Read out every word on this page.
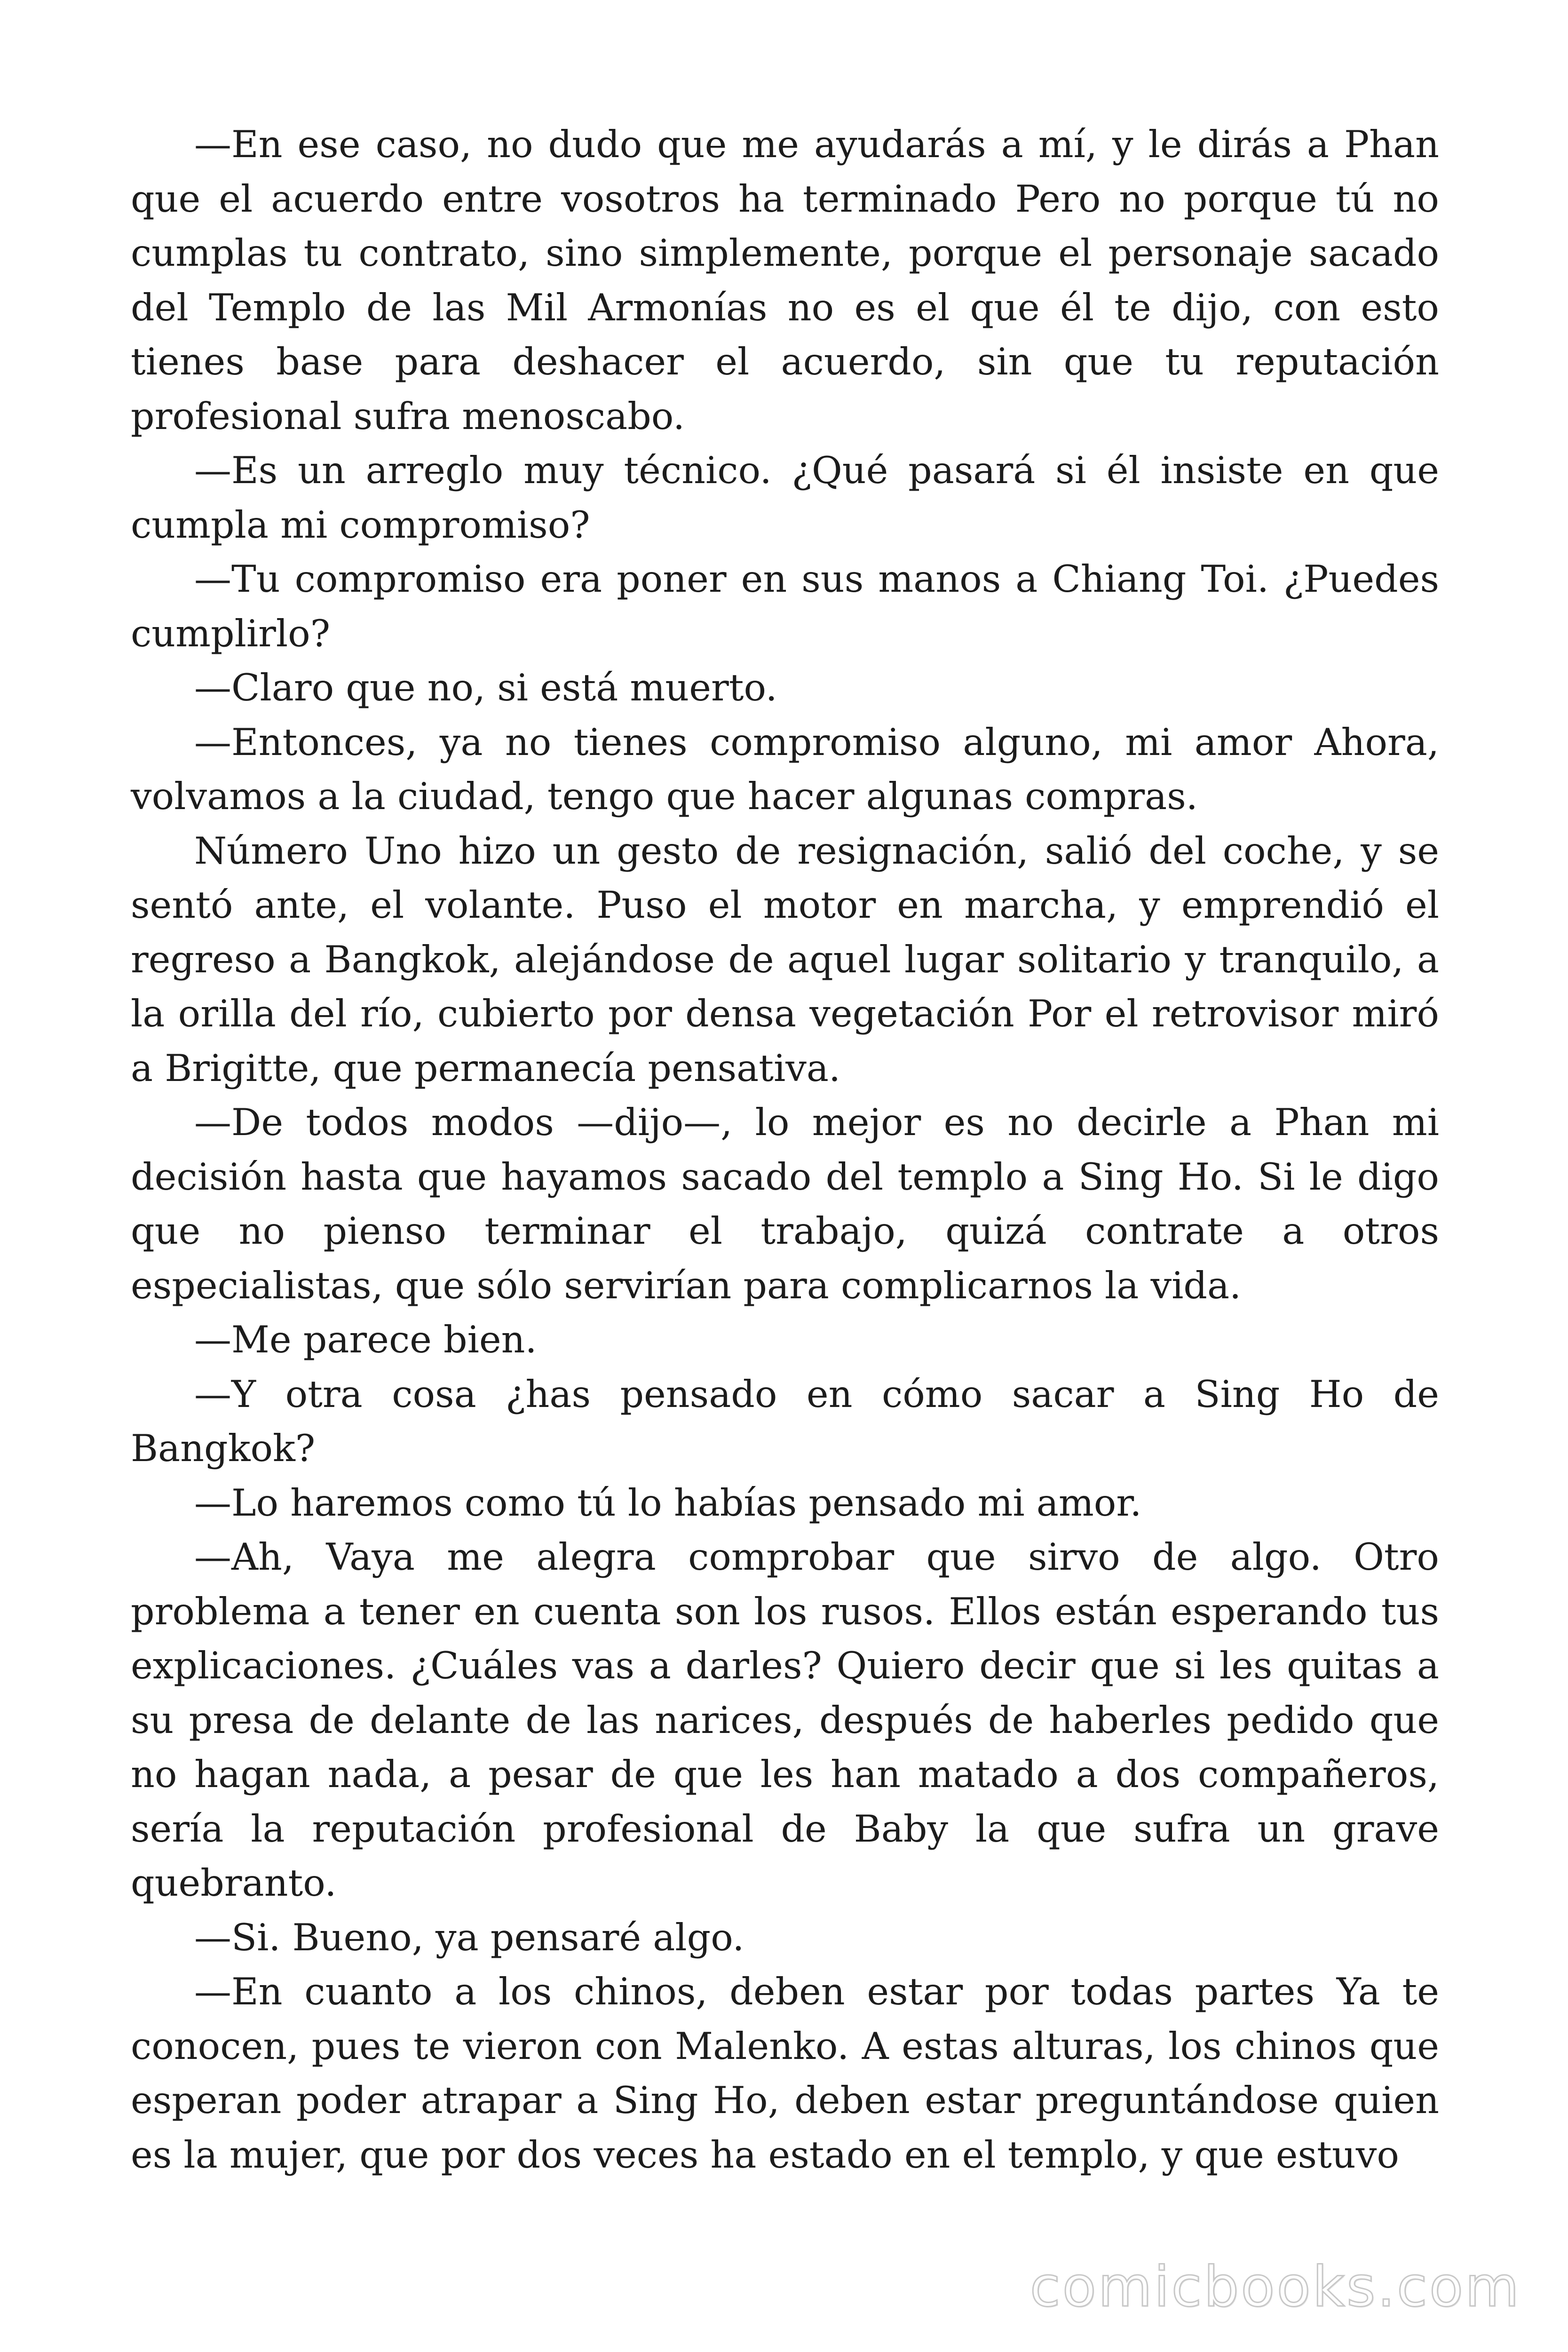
—En ese caso, no dudo que me ayudarás a mí, y le dirás a Phan que el acuerdo entre vosotros ha terminado Pero no porque tú no cumplas tu contrato, sino simplemente, porque el personaje sacado del Templo de las Mil Armonías no es el que él te dijo, con esto tienes base para deshacer el acuerdo, sin que tu reputación profesional sufra menoscabo.

—Es un arreglo muy técnico. ¿Qué pasará si él insiste en que cumpla mi compromiso?

—Tu compromiso era poner en sus manos a Chiang Toi. ¿Puedes cumplirlo?

—Claro que no, si está muerto.

—Entonces, ya no tienes compromiso alguno, mi amor Ahora, volvamos a la ciudad, tengo que hacer algunas compras.

Número Uno hizo un gesto de resignación, salió del coche, y se sentó ante, el volante. Puso el motor en marcha, y emprendió el regreso a Bangkok, alejándose de aquel lugar solitario y tranquilo, a la orilla del río, cubierto por densa vegetación Por el retrovisor miró a Brigitte, que permanecía pensativa.

—De todos modos —dijo—, lo mejor es no decirle a Phan mi decisión hasta que hayamos sacado del templo a Sing Ho. Si le digo que no pienso terminar el trabajo, quizá contrate a otros especialistas, que sólo servirían para complicarnos la vida.

—Me parece bien.

—Y otra cosa ¿has pensado en cómo sacar a Sing Ho de Bangkok?

—Lo haremos como tú lo habías pensado mi amor.

—Ah, Vaya me alegra comprobar que sirvo de algo. Otro problema a tener en cuenta son los rusos. Ellos están esperando tus explicaciones. ¿Cuáles vas a darles? Quiero decir que si les quitas a su presa de delante de las narices, después de haberles pedido que no hagan nada, a pesar de que les han matado a dos compañeros, sería la reputación profesional de Baby la que sufra un grave quebranto.

—Si. Bueno, ya pensaré algo.

—En cuanto a los chinos, deben estar por todas partes Ya te conocen, pues te vieron con Malenko. A estas alturas, los chinos que esperan poder atrapar a Sing Ho, deben estar preguntándose quien es la mujer, que por dos veces ha estado en el templo, y que estuvo

comicbooks.com
